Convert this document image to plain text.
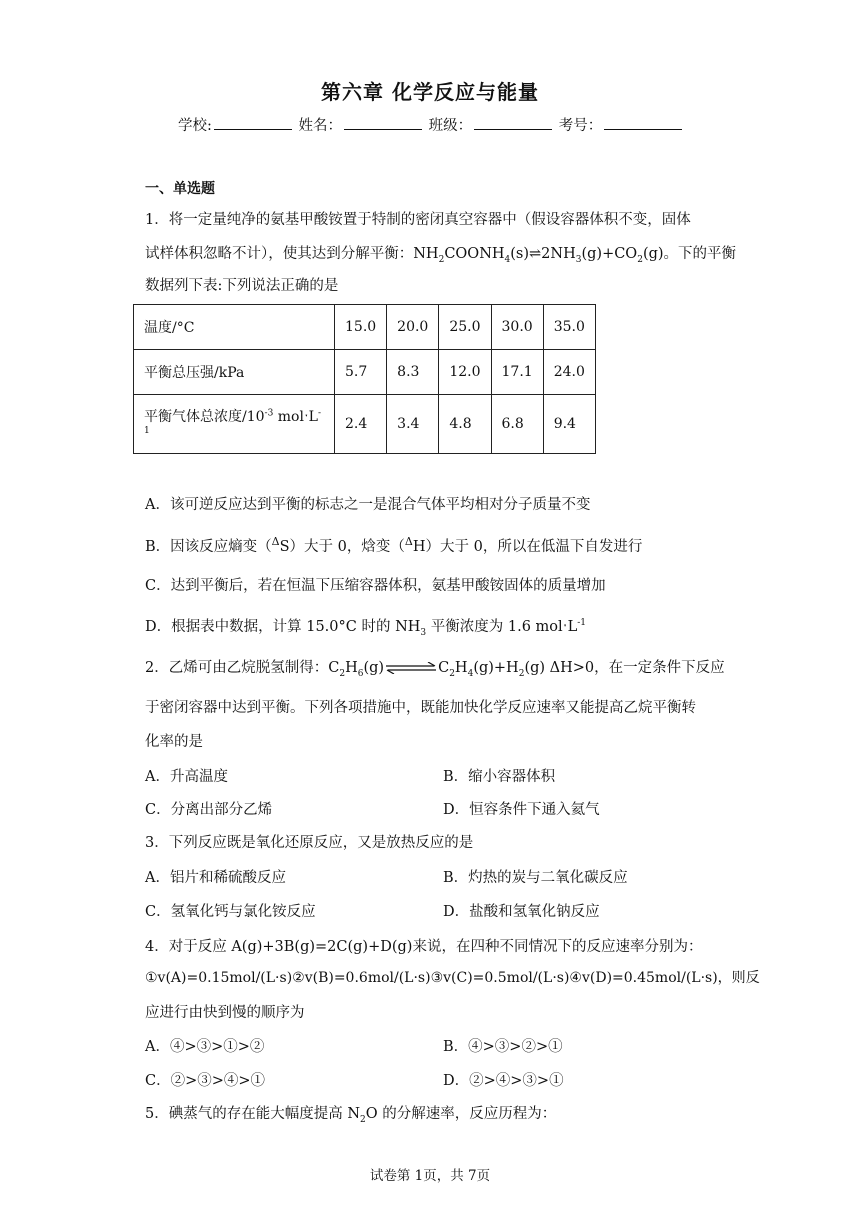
第六章 化学反应与能量
学校:	姓名：	班级：	考号：
一、单选题
1．将一定量纯净的氨基甲酸铵置于特制的密闭真空容器中（假设容器体积不变，固体
试样体积忽略不计），使其达到分解平衡：$NH_2COONH_4(s)\rightleftharpoons 2NH_3(g)+CO_2(g)$。下的平衡
数据列下表:下列说法正确的是
温度/°C	15.0	20.0	25.0	30.0	35.0
平衡总压强/kPa	5.7	8.3	12.0	17.1	24.0
平衡气体总浓度$/10^{-3}$ molˑL$^{-1}$	2.4	3.4	4.8	6.8	9.4
A．该可逆反应达到平衡的标志之一是混合气体平均相对分子质量不变
B．因该反应熵变（$^\Delta$S）大于 0，焓变（$^\Delta$H）大于 0，所以在低温下自发进行
C．达到平衡后，若在恒温下压缩容器体积，氨基甲酸铵固体的质量增加
D．根据表中数据，计算 15.0°C 时的 $NH_3$ 平衡浓度为 1.6 molˑL$^{-1}$
2．乙烯可由乙烷脱氢制得：$C_2H_6(g)\rightleftharpoons C_2H_4(g)+H_2(g)$ ΔH>0，在一定条件下反应
于密闭容器中达到平衡。下列各项措施中，既能加快化学反应速率又能提高乙烷平衡转
化率的是
A．升高温度	B．缩小容器体积
C．分离出部分乙烯	D．恒容条件下通入氦气
3．下列反应既是氧化还原反应，又是放热反应的是
A．铝片和稀硫酸反应	B．灼热的炭与二氧化碳反应
C．氢氧化钙与氯化铵反应	D．盐酸和氢氧化钠反应
4．对于反应 A(g)+3B(g)=2C(g)+D(g)来说，在四种不同情况下的反应速率分别为：
①v(A)=0.15mol/(L·s)②v(B)=0.6mol/(L·s)③v(C)=0.5mol/(L·s)④v(D)=0.45mol/(L·s)，则反
应进行由快到慢的顺序为
A．④>③>①>②	B．④>③>②>①
C．②>③>④>①	D．②>④>③>①
5．碘蒸气的存在能大幅度提高 $N_2O$ 的分解速率，反应历程为：
试卷第 1页，共 7页
